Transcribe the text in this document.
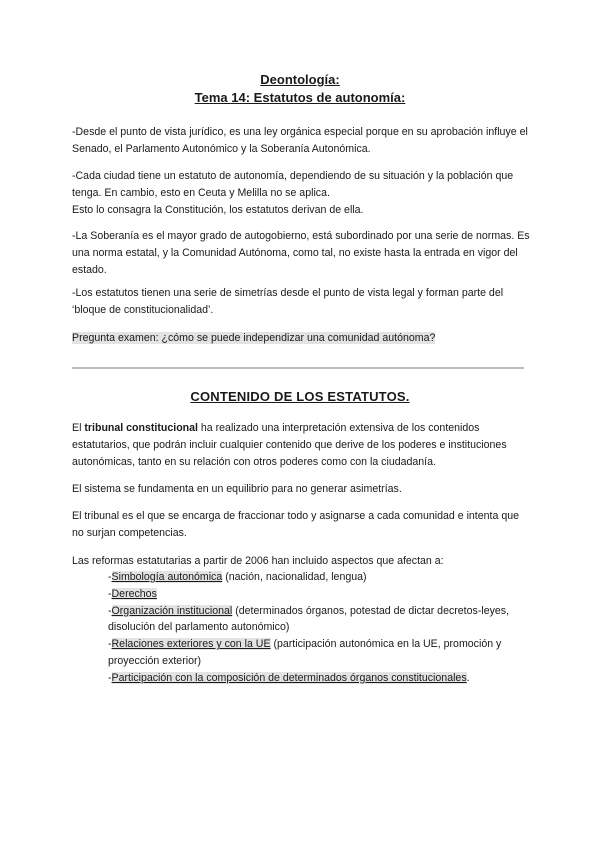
Deontología:
Tema 14: Estatutos de autonomía:
-Desde el punto de vista jurídico, es una ley orgánica especial porque en su aprobación influye el Senado, el Parlamento Autonómico y la Soberanía Autonómica.
-Cada ciudad tiene un estatuto de autonomía, dependiendo de su situación y la población que tenga. En cambio, esto en Ceuta y Melilla no se aplica.
Esto lo consagra la Constitución, los estatutos derivan de ella.
-La Soberanía es el mayor grado de autogobierno, está subordinado por una serie de normas. Es una norma estatal, y la Comunidad Autónoma, como tal, no existe hasta la entrada en vigor del estado.
-Los estatutos tienen una serie de simetrías desde el punto de vista legal y forman parte del ‘bloque de constitucionalidad’.
Pregunta examen: ¿cómo se puede independizar una comunidad autónoma?
CONTENIDO DE LOS ESTATUTOS.
El tribunal constitucional ha realizado una interpretación extensiva de los contenidos estatutarios, que podrán incluir cualquier contenido que derive de los poderes e instituciones autonómicas, tanto en su relación con otros poderes como con la ciudadanía.
El sistema se fundamenta en un equilibrio para no generar asimetrías.
El tribunal es el que se encarga de fraccionar todo y asignarse a cada comunidad e intenta que no surjan competencias.
Las reformas estatutarias a partir de 2006 han incluido aspectos que afectan a:
-Simbología autonómica (nación, nacionalidad, lengua)
-Derechos
-Organización institucional (determinados órganos, potestad de dictar decretos-leyes, disolución del parlamento autonómico)
-Relaciones exteriores y con la UE (participación autonómica en la UE, promoción y proyección exterior)
-Participación con la composición de determinados órganos constitucionales.
